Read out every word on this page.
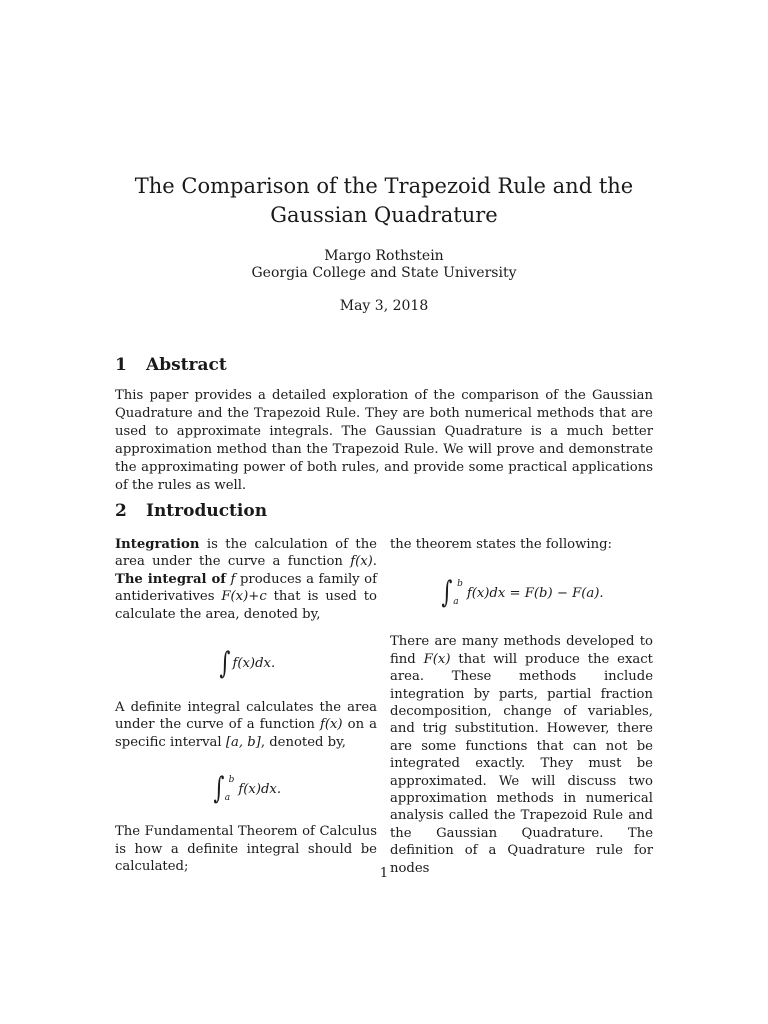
The Comparison of the Trapezoid Rule and the Gaussian Quadrature

Margo Rothstein

Georgia College and State University

May 3, 2018

1 Abstract

This paper provides a detailed exploration of the comparison of the Gaussian Quadrature and the Trapezoid Rule. They are both numerical methods that are used to approximate integrals. The Gaussian Quadrature is a much better approximation method than the Trapezoid Rule. We will prove and demonstrate the approximating power of both rules, and provide some practical applications of the rules as well.

2 Introduction

Integration is the calculation of the area under the curve a function f(x). The integral of f produces a family of antiderivatives F(x)+c that is used to calculate the area, denoted by,

∫ f(x)dx.

A definite integral calculates the area under the curve of a function f(x) on a specific interval [a, b], denoted by,

∫ b
a
f(x)dx.

The Fundamental Theorem of Calculus is how a definite integral should be calculated;

the theorem states the following:

∫ b
a
f(x)dx = F(b) − F(a).

There are many methods developed to find F(x) that will produce the exact area. These methods include integration by parts, partial fraction decomposition, change of variables, and trig substitution. However, there are some functions that can not be integrated exactly. They must be approximated. We will discuss two approximation methods in numerical analysis called the Trapezoid Rule and the Gaussian Quadrature. The definition of a Quadrature rule for nodes

1
